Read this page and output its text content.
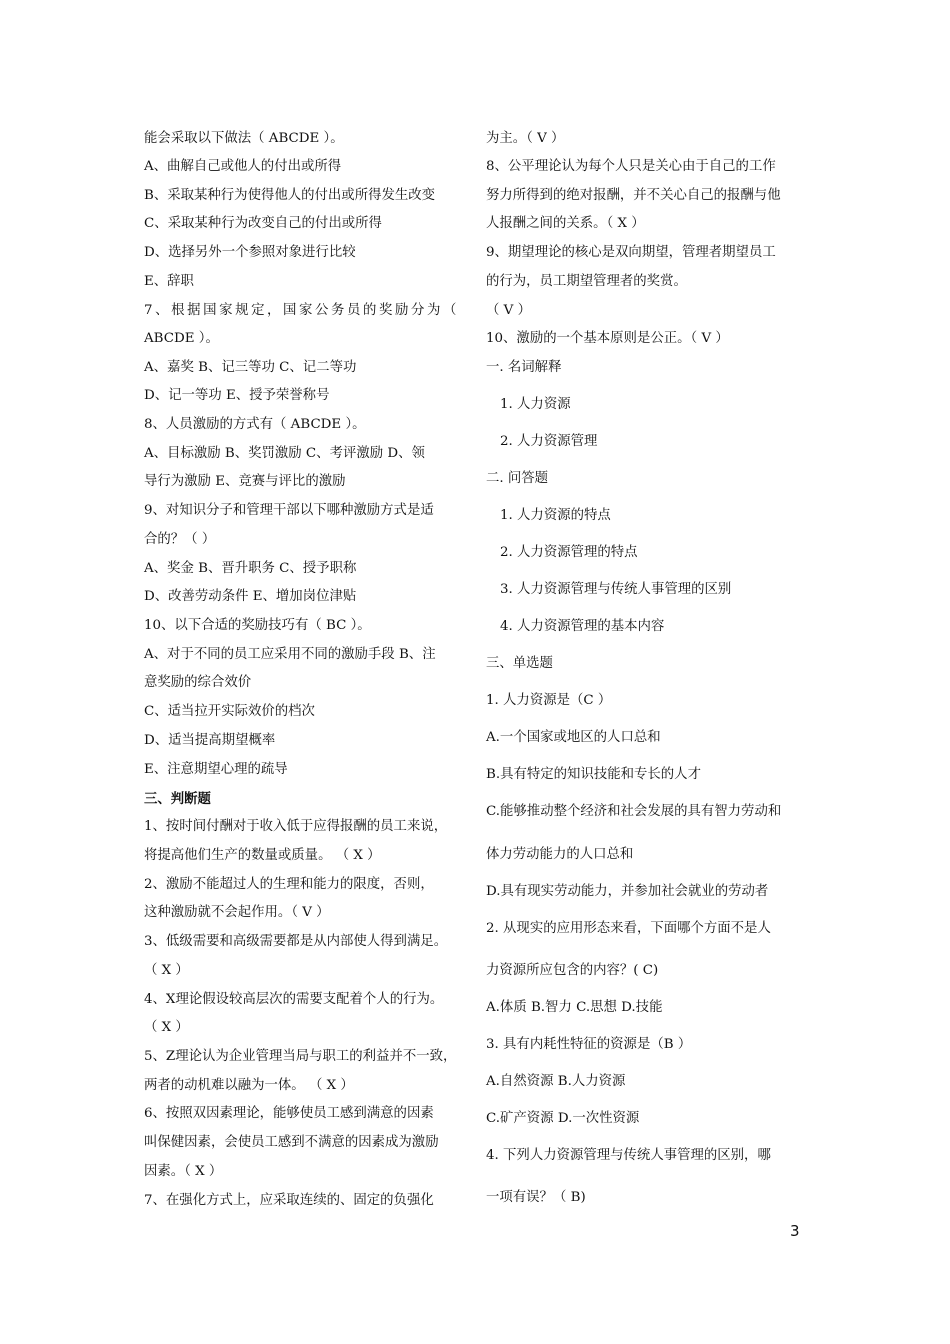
能会采取以下做法（ ABCDE ）。
A、曲解自己或他人的付出或所得
B、采取某种行为使得他人的付出或所得发生改变
C、采取某种行为改变自己的付出或所得
D、选择另外一个参照对象进行比较
E、辞职
7、根据国家规定，国家公务员的奖励分为（
ABCDE ）。
A、嘉奖 B、记三等功 C、记二等功
D、记一等功 E、授予荣誉称号
8、人员激励的方式有（ ABCDE ）。
A、目标激励 B、奖罚激励 C、考评激励 D、领
导行为激励 E、竞赛与评比的激励
9、对知识分子和管理干部以下哪种激励方式是适
合的？（ ）
A、奖金 B、晋升职务 C、授予职称
D、改善劳动条件 E、增加岗位津贴
10、以下合适的奖励技巧有（ BC ）。
A、对于不同的员工应采用不同的激励手段 B、注
意奖励的综合效价
C、适当拉开实际效价的档次
D、适当提高期望概率
E、注意期望心理的疏导
三、判断题
1、按时间付酬对于收入低于应得报酬的员工来说，
将提高他们生产的数量或质量。 （ X ）
2、激励不能超过人的生理和能力的限度，否则，
这种激励就不会起作用。（ V ）
3、低级需要和高级需要都是从内部使人得到满足。
（ X ）
4、X理论假设较高层次的需要支配着个人的行为。
（ X ）
5、Z理论认为企业管理当局与职工的利益并不一致，
两者的动机难以融为一体。 （ X ）
6、按照双因素理论，能够使员工感到满意的因素
叫保健因素，会使员工感到不满意的因素成为激励
因素。（ X ）
7、在强化方式上，应采取连续的、固定的负强化
为主。（ V ）
8、公平理论认为每个人只是关心由于自己的工作
努力所得到的绝对报酬，并不关心自己的报酬与他
人报酬之间的关系。（ X ）
9、期望理论的核心是双向期望，管理者期望员工
的行为，员工期望管理者的奖赏。
（ V ）
10、激励的一个基本原则是公正。（ V ）
一. 名词解释
1. 人力资源
2. 人力资源管理
二. 问答题
1. 人力资源的特点
2. 人力资源管理的特点
3. 人力资源管理与传统人事管理的区别
4. 人力资源管理的基本内容
三、单选题
1. 人力资源是（C ）
A.一个国家或地区的人口总和
B.具有特定的知识技能和专长的人才
C.能够推动整个经济和社会发展的具有智力劳动和
体力劳动能力的人口总和
D.具有现实劳动能力，并参加社会就业的劳动者
2. 从现实的应用形态来看，下面哪个方面不是人
力资源所应包含的内容？( C)
A.体质 B.智力 C.思想 D.技能
3. 具有内耗性特征的资源是（B ）
A.自然资源 B.人力资源
C.矿产资源 D.一次性资源
4. 下列人力资源管理与传统人事管理的区别，哪
一项有误？（ B)
3
